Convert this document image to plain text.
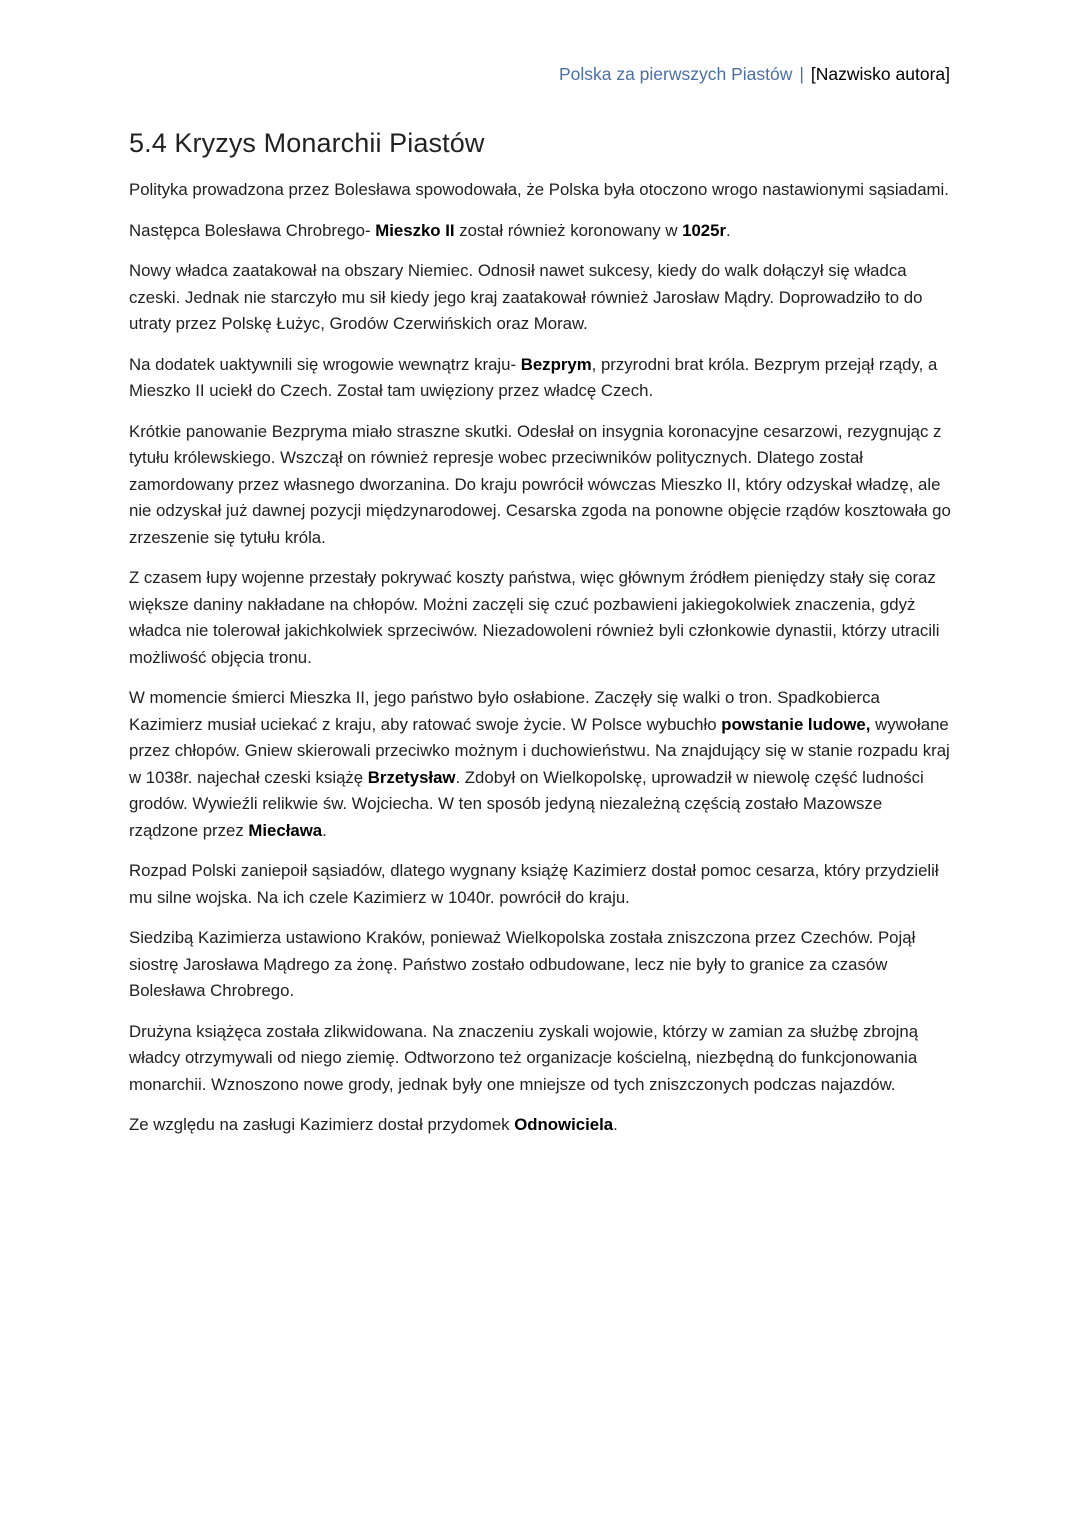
Polska za pierwszych Piastów | [Nazwisko autora]
5.4 Kryzys Monarchii Piastów

Polityka prowadzona przez Bolesława spowodowała, że Polska była otoczono wrogo nastawionymi sąsiadami.

Następca Bolesława Chrobrego- Mieszko II został również koronowany w 1025r.

Nowy władca zaatakował na obszary Niemiec. Odnosił nawet sukcesy, kiedy do walk dołączył się władca czeski. Jednak nie starczyło mu sił kiedy jego kraj zaatakował również Jarosław Mądry. Doprowadziło to do utraty przez Polskę Łużyc, Grodów Czerwińskich oraz Moraw.

Na dodatek uaktywnili się wrogowie wewnątrz kraju- Bezprym, przyrodni brat króla. Bezprym przejął rządy, a Mieszko II uciekł do Czech. Został tam uwięziony przez władcę Czech.

Krótkie panowanie Bezpryma miało straszne skutki. Odesłał on insygnia koronacyjne cesarzowi, rezygnując z tytułu królewskiego. Wszczął on również represje wobec przeciwników politycznych. Dlatego został zamordowany przez własnego dworzanina. Do kraju powrócił wówczas Mieszko II, który odzyskał władzę, ale nie odzyskał już dawnej pozycji międzynarodowej. Cesarska zgoda na ponowne objęcie rządów kosztowała go zrzeszenie się tytułu króla.

Z czasem łupy wojenne przestały pokrywać koszty państwa, więc głównym źródłem pieniędzy stały się coraz większe daniny nakładane na chłopów. Możni zaczęli się czuć pozbawieni jakiegokolwiek znaczenia, gdyż władca nie tolerował jakichkolwiek sprzeciwów. Niezadowoleni również byli członkowie dynastii, którzy utracili możliwość objęcia tronu.

W momencie śmierci Mieszka II, jego państwo było osłabione. Zaczęły się walki o tron. Spadkobierca Kazimierz musiał uciekać z kraju, aby ratować swoje życie. W Polsce wybuchło powstanie ludowe, wywołane przez chłopów. Gniew skierowali przeciwko możnym i duchowieństwu. Na znajdujący się w stanie rozpadu kraj w 1038r. najechał czeski książę Brzetysław. Zdobył on Wielkopolskę, uprowadził w niewolę część ludności grodów. Wywieźli relikwie św. Wojciecha. W ten sposób jedyną niezależną częścią zostało Mazowsze rządzone przez Miecława.

Rozpad Polski zaniepoił sąsiadów, dlatego wygnany książę Kazimierz dostał pomoc cesarza, który przydzielił mu silne wojska. Na ich czele Kazimierz w 1040r. powrócił do kraju.

Siedzibą Kazimierza ustawiono Kraków, ponieważ Wielkopolska została zniszczona przez Czechów. Pojął siostrę Jarosława Mądrego za żonę. Państwo zostało odbudowane, lecz nie były to granice za czasów Bolesława Chrobrego.

Drużyna książęca została zlikwidowana. Na znaczeniu zyskali wojowie, którzy w zamian za służbę zbrojną władcy otrzymywali od niego ziemię. Odtworzono też organizacje kościelną, niezbędną do funkcjonowania monarchii. Wznoszono nowe grody, jednak były one mniejsze od tych zniszczonych podczas najazdów.

Ze względu na zasługi Kazimierz dostał przydomek Odnowiciela.
